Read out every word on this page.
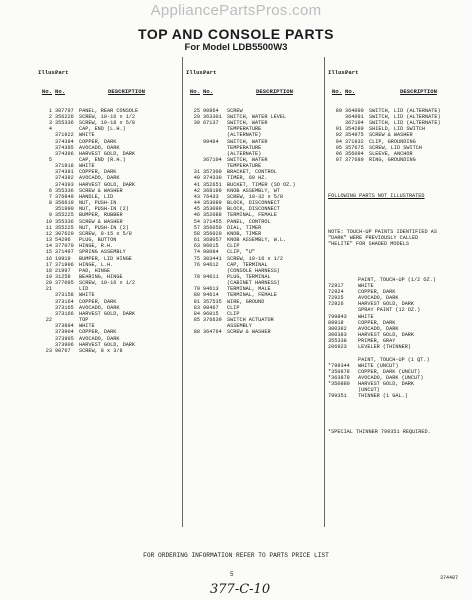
AppliancePartsPros.com
TOP AND CONSOLE PARTS
For Model LDB5500W3

Illus.
Part

No. No.	DESCRIPTION

1 307797	PANEL, REAR CONSOLE
2 356226	SCREW, 10-16 x 1/2
3 355336	SCREW, 10-18 x 5/8
4	CAP, END (L.H.)
371922	WHITE
374394	COPPER, DARK
374395	AVOCADO, DARK
374396	HARVEST GOLD, DARK
5	CAP, END (R.H.)
371918	WHITE
374391	COPPER, DARK
374392	AVOCADO, DARK
374393	HARVEST GOLD, DARK
6 355336	SCREW & WASHER
7 376849	HANDLE, LID
8 356619	NUT, PUSH-IN
351990	NUT, PUSH-IN (2)
9 355225	BUMPER, RUBBER
10 355336	SCREW & WASHER
11 355225	NUT, PUSH-IN (2)
12 307620	SCREW, 8-15 x 5/8
13 54296	PLUG, BUTTON
14 377070	HINGE, R.H.
15 371497	SPRING ASSEMBLY
16 19919	BUMPER, LID HINGE
17 371996	HINGE, L.H.
18 21997	PAD, HINGE
19 31258	BEARING, HINGE
20 377095	SCREW, 10-16 x 1/2
21	LID
373158	WHITE
373164	COPPER, DARK
373165	AVOCADO, DARK
373166	HARVEST GOLD, DARK
22	TOP
373894	WHITE
373904	COPPER, DARK
373905	AVOCADO, DARK
373906	HARVEST GOLD, DARK
23 90767	SCREW, 8 x 3/8

Illus.
Part

No. No.	DESCRIPTION

25 90864	SCREW
29 363301	SWITCH, WATER LEVEL
30 67137	SWITCH, WATER
TEMPERATURE
(ALTERNATE)
99464	SWITCH, WATER
TEMPERATURE
(ALTERNATE)
367104	SWITCH, WATER
TEMPERATURE
31 357300	BRACKET, CONTROL
40 374330	TIMER, 60 HZ.
41 352651	BUCKET, TIMER (SO OZ.)
42 368199	KNOB ASSEMBLY, WT
43 76433	SCREW, 10-32 x 5/8
44 353089	BLOCK, DISCONNECT
45 353090	BLOCK, DISCONNECT
46 352088	TERMINAL, FEMALE
54 371455	PANEL, CONTROL
57 356050	DIAL, TIMER
58 356020	KNOB, TIMER
61 368057	KNOB ASSEMBLY, W.L.
63 96015	CLIP
74 98084	CLIP, "U"
75 303441	SCREW, 10-16 x 1/2
76 94612	CAP, TERMINAL
(CONSOLE HARNESS)
78 94611	PLUG, TERMINAL
(CABINET HARNESS)
79 94613	TERMINAL, MALE
80 94614	TERMINAL, FEMALE
81 357535	WIRE, GROUND
83 98467	CLIP
84 96015	CLIP
85 376639	SWITCH ACTUATOR
ASSEMBLY
88 364764	SCREW & WASHER

Illus.
Part

No. No.	DESCRIPTION

89 364090	SWITCH, LID (ALTERNATE)
364091	SWITCH, LID (ALTERNATE)
367104	SWITCH, LID (ALTERNATE)
91 354289	SHIELD, LID SWITCH
92 354975	SCREW & WASHER
94 371932	CLIP, GROUNDING
95 357675	SCREW, LID SWITCH
96 356094	SLEEVE, ANCHOR
97 377689	RING, GROUNDING

FOLLOWING PARTS NOT ILLUSTRATED

NOTE: TOUCH-UP PAINTS IDENTIFIED AS
"DARK" WERE PREVIOUSLY CALLED
"HELITE" FOR SHADED MODELS

PAINT, TOUCH-UP (1/2 OZ.)
72917	WHITE
72924	COPPER, DARK
72925	AVOCADO, DARK
72926	HARVEST GOLD, DARK
SPRAY PAINT (12 OZ.)
799843	WHITE
89918	COPPER, DARK
300382	AVOCADO, DARK
300383	HARVEST GOLD, DARK
355338	PRIMER, GRAY
206923	LEVELER (THINNER)
PAINT, TOUCH-UP (1 QT.)
*799344	WHITE (UNCUT)
*350878	COPPER, DARK (UNCUT)
*363879	AVOCADO, DARK (UNCUT)
*350880	HARVEST GOLD, DARK
(UNCUT)
799351	THINNER (1 GAL.)

*SPECIAL THINNER 799351 REQUIRED.

FOR ORDERING INFORMATION REFER TO PARTS PRICE LIST
5	374487
377-C-10
